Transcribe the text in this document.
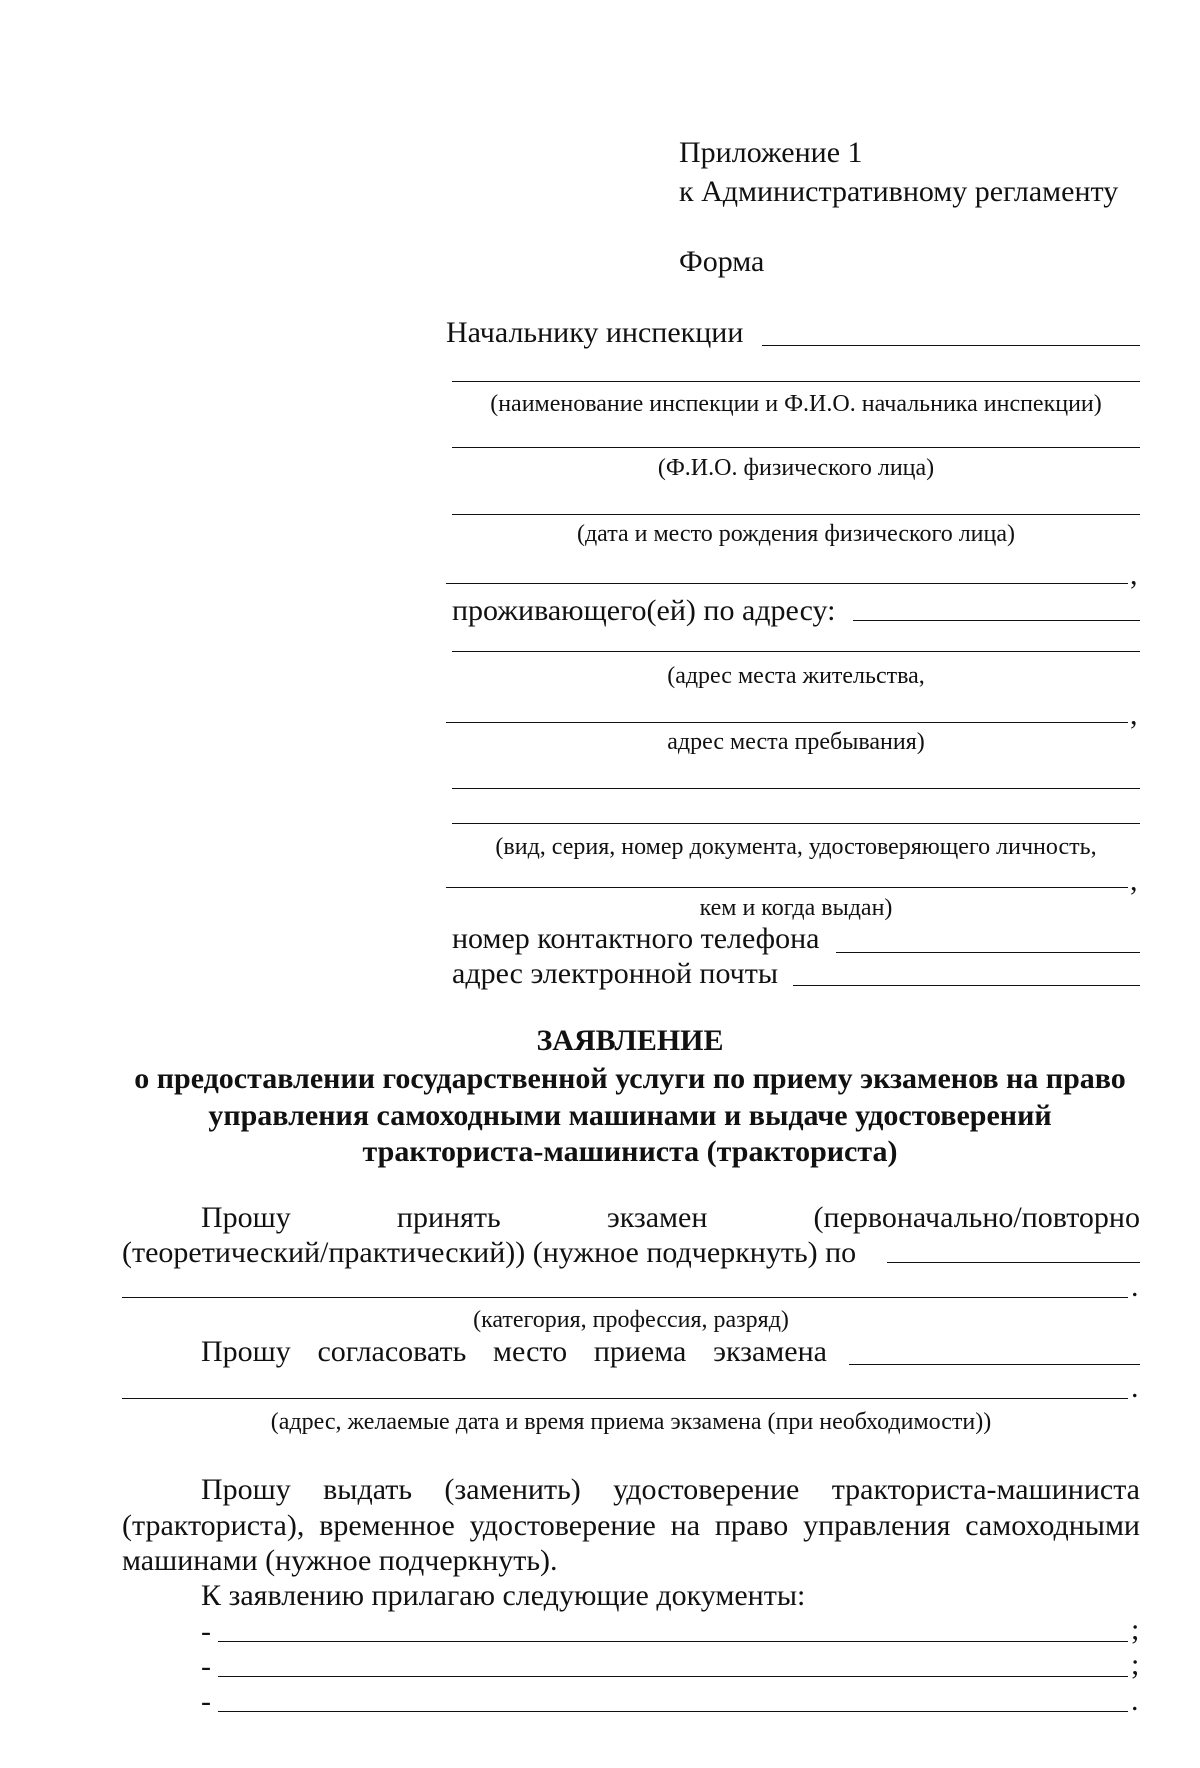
Приложение 1
к Административному регламенту
Форма
Начальнику инспекции
(наименование инспекции и Ф.И.О. начальника инспекции)
(Ф.И.О. физического лица)
(дата и место рождения физического лица)
,
проживающего(ей) по адресу:
(адрес места жительства,
,
адрес места пребывания)
(вид, серия, номер документа, удостоверяющего личность,
,
кем и когда выдан)
номер контактного телефона
адрес электронной почты
ЗАЯВЛЕНИЕ
о предоставлении государственной услуги по приему экзаменов на право
управления самоходными машинами и выдаче удостоверений
тракториста-машиниста (тракториста)
Прошу	принять	экзамен	(первоначально/повторно
(теоретический/практический)) (нужное подчеркнуть) по
.
(категория, профессия, разряд)
Прошу согласовать место приема экзамена
.
(адрес, желаемые дата и время приема экзамена (при необходимости))
Прошу выдать (заменить) удостоверение тракториста-машиниста
(тракториста), временное удостоверение на право управления самоходными
машинами (нужное подчеркнуть).
К заявлению прилагаю следующие документы:
-	;
-	;
-	.
